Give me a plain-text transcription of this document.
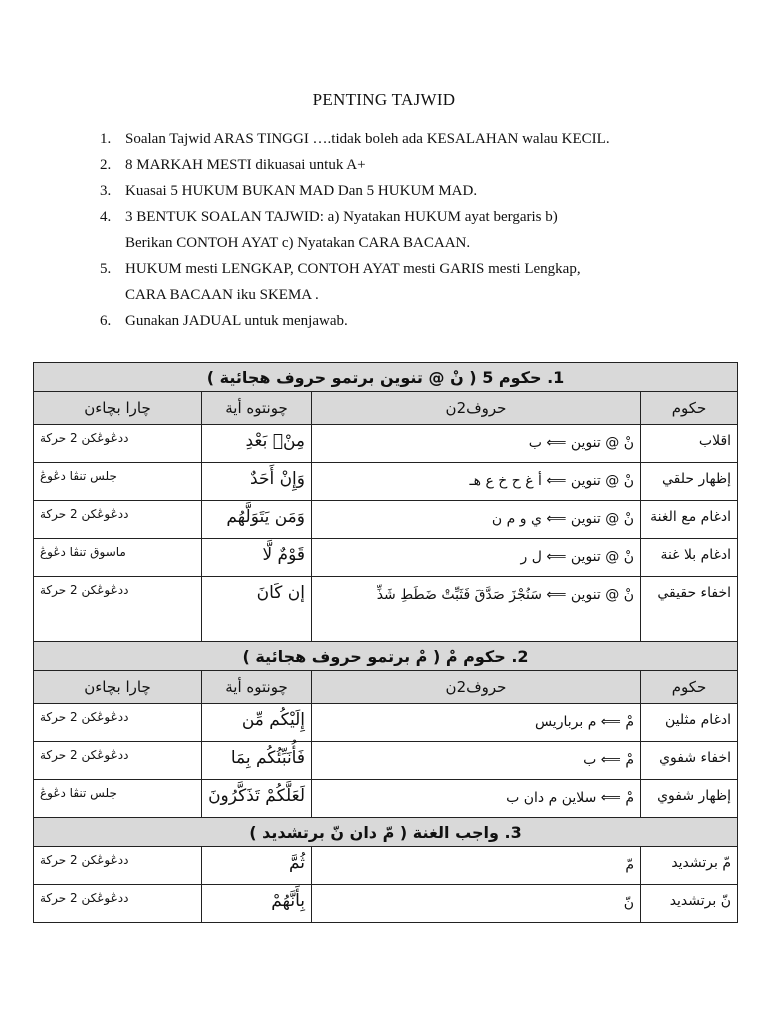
PENTING TAJWID
1. Soalan Tajwid ARAS TINGGI ….tidak boleh ada KESALAHAN walau KECIL.
2. 8 MARKAH MESTI dikuasai untuk A+
3. Kuasai 5 HUKUM BUKAN MAD Dan 5 HUKUM MAD.
4. 3 BENTUK SOALAN TAJWID: a) Nyatakan HUKUM ayat bergaris b)
Berikan CONTOH AYAT c) Nyatakan CARA BACAAN.
5. HUKUM mesti LENGKAP, CONTOH AYAT mesti GARIS mesti Lengkap,
CARA BACAAN iku SKEMA .
6. Gunakan JADUAL untuk menjawab.
1. حکوم 5 ( نْ @ تنوين برتمو حروف هجائية )			
چارا بچاءن	چونتوه أية	حروف2ن	حکوم
ددڠوڠکن 2 حرکة	مِنْۢ بَعْدِ	نْ @ تنوين ⟸ ب	اقلاب
جلس تنڤا دڠوڠ	وَإِنْ أَحَدٌ	نْ @ تنوين ⟸ أ غ ح خ ع هـ	إظهار حلقي
ددڠوڠکن 2 حرکة	وَمَن يَتَوَلَّهُم	نْ @ تنوين ⟸ ي و م ن	ادغام مع الغنة
ماسوق تنڤا دڠوڠ	قَوْمٌ لَّا	نْ @ تنوين ⟸ ل ر	ادغام بلا غنة
ددڠوڠکن 2 حرکة	إن كَانَ	نْ @ تنوين ⟸ سَنُجْزَ صَدَّقَ فَثَبِّتْ ضَطَطِ شَذِّ	اخفاء حقيقي
2. حکوم مْ ( مْ برتمو حروف هجائية )			
چارا بچاءن	چونتوه أية	حروف2ن	حکوم
ددڠوڠکن 2 حرکة	إِلَيْكُم مِّن	مْ ⟸ م برباريس	ادغام مثلين
ددڠوڠکن 2 حرکة	فَأُنَبِّئُكُم بِمَا	مْ ⟸ ب	اخفاء شفوي
جلس تنڤا دڠوڠ	لَعَلَّكُمْ تَذَكَّرُونَ	مْ ⟸ سلاين م دان ب	إظهار شفوي
3. واجب الغنة ( مّ دان نّ برتشديد )			
ددڠوڠکن 2 حرکة	ثُمَّ	مّ	مّ برتشديد
ددڠوڠکن 2 حرکة	بِأَنَّهُمْ	نّ	نّ برتشديد
